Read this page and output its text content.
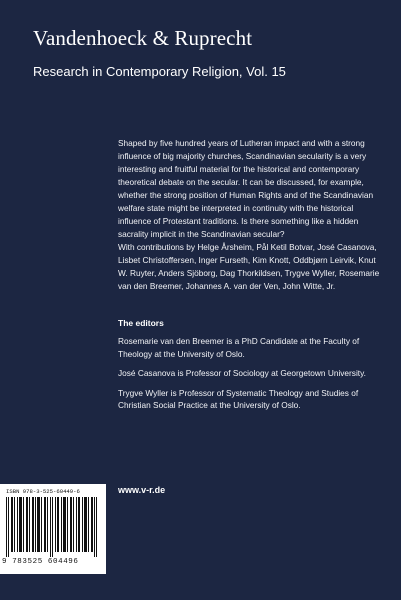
Vandenhoeck & Ruprecht
Research in Contemporary Religion, Vol. 15

Shaped by five hundred years of Lutheran impact and with a strong influence of big majority churches, Scandinavian secularity is a very interesting and fruitful material for the historical and contemporary theoretical debate on the secular. It can be discussed, for example, whether the strong position of Human Rights and of the Scandinavian welfare state might be interpreted in continuity with the historical influence of Protestant traditions. Is there something like a hidden sacrality implicit in the Scandinavian secular?

With contributions by Helge Årsheim, Pål Ketil Botvar, José Casanova, Lisbet Christoffersen, Inger Furseth, Kim Knott, Oddbjørn Leirvik, Knut W. Ruyter, Anders Sjöborg, Dag Thorkildsen, Trygve Wyller, Rosemarie van den Breemer, Johannes A. van der Ven, John Witte, Jr.

The editors

Rosemarie van den Breemer is a PhD Candidate at the Faculty of Theology at the University of Oslo.

José Casanova is Professor of Sociology at Georgetown University.

Trygve Wyller is Professor of Systematic Theology and Studies of Christian Social Practice at the University of Oslo.

ISBN 978-3-525-60449-6
9 783525 604496
www.v-r.de
